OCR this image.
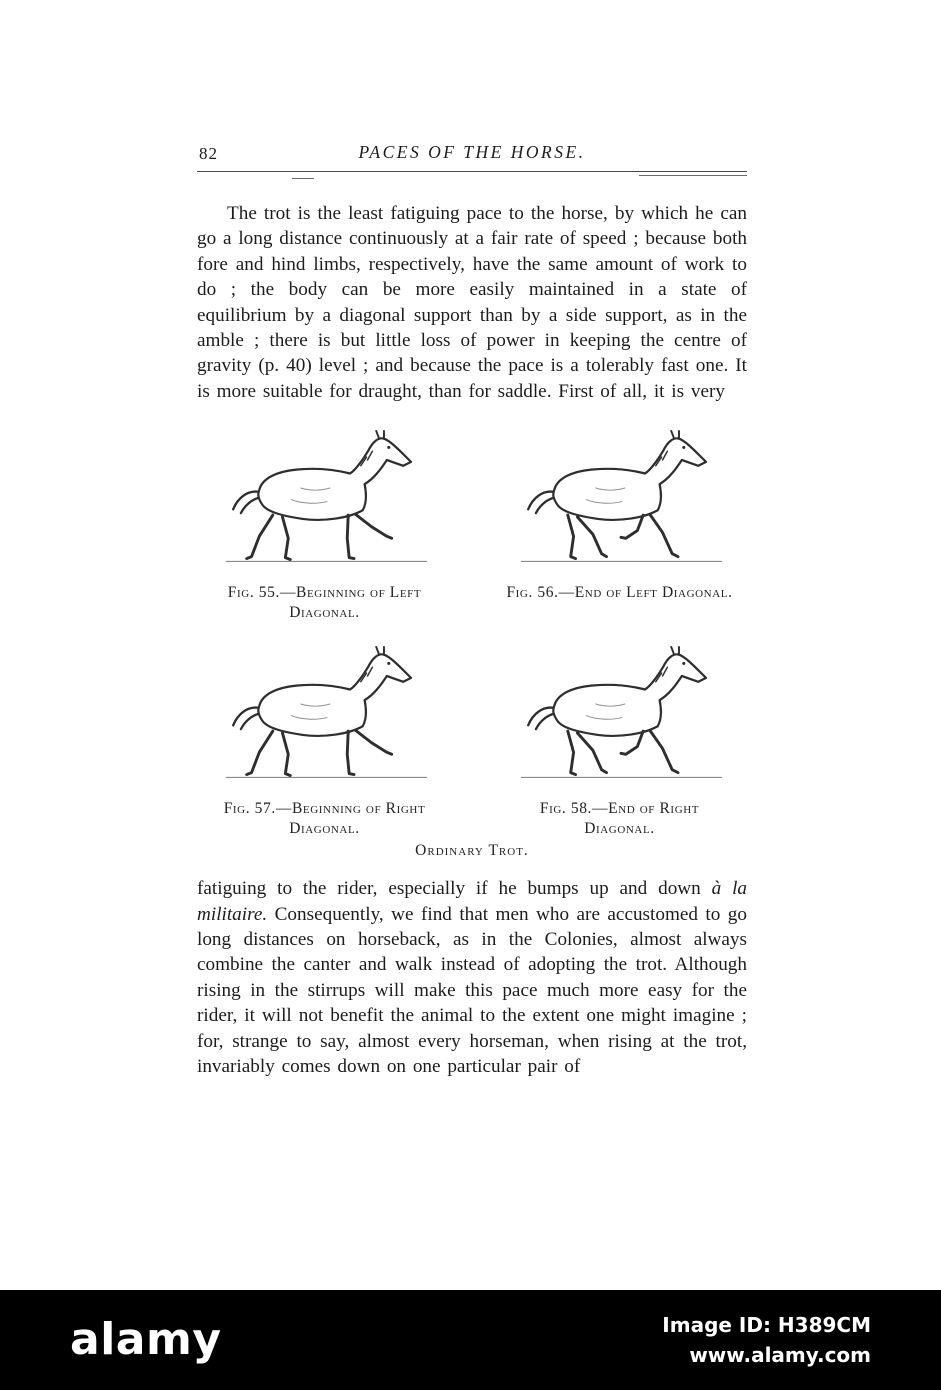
82	PACES OF THE HORSE.

The trot is the least fatiguing pace to the horse, by which he can go a long distance continuously at a fair rate of speed ; because both fore and hind limbs, respectively, have the same amount of work to do ; the body can be more easily maintained in a state of equilibrium by a diagonal support than by a side support, as in the amble ; there is but little loss of power in keeping the centre of gravity (p. 40) level ; and because the pace is a tolerably fast one. It is more suitable for draught, than for saddle. First of all, it is very

Fig. 55.—Beginning of Left Diagonal.
Fig. 56.—End of Left Diagonal.
Fig. 57.—Beginning of Right Diagonal.
Fig. 58.—End of Right Diagonal.
Ordinary Trot.

fatiguing to the rider, especially if he bumps up and down à la militaire. Consequently, we find that men who are accustomed to go long distances on horseback, as in the Colonies, almost always combine the canter and walk instead of adopting the trot. Although rising in the stirrups will make this pace much more easy for the rider, it will not benefit the animal to the extent one might imagine ; for, strange to say, almost every horseman, when rising at the trot, invariably comes down on one particular pair of

alamy	Image ID: H389CM
www.alamy.com
